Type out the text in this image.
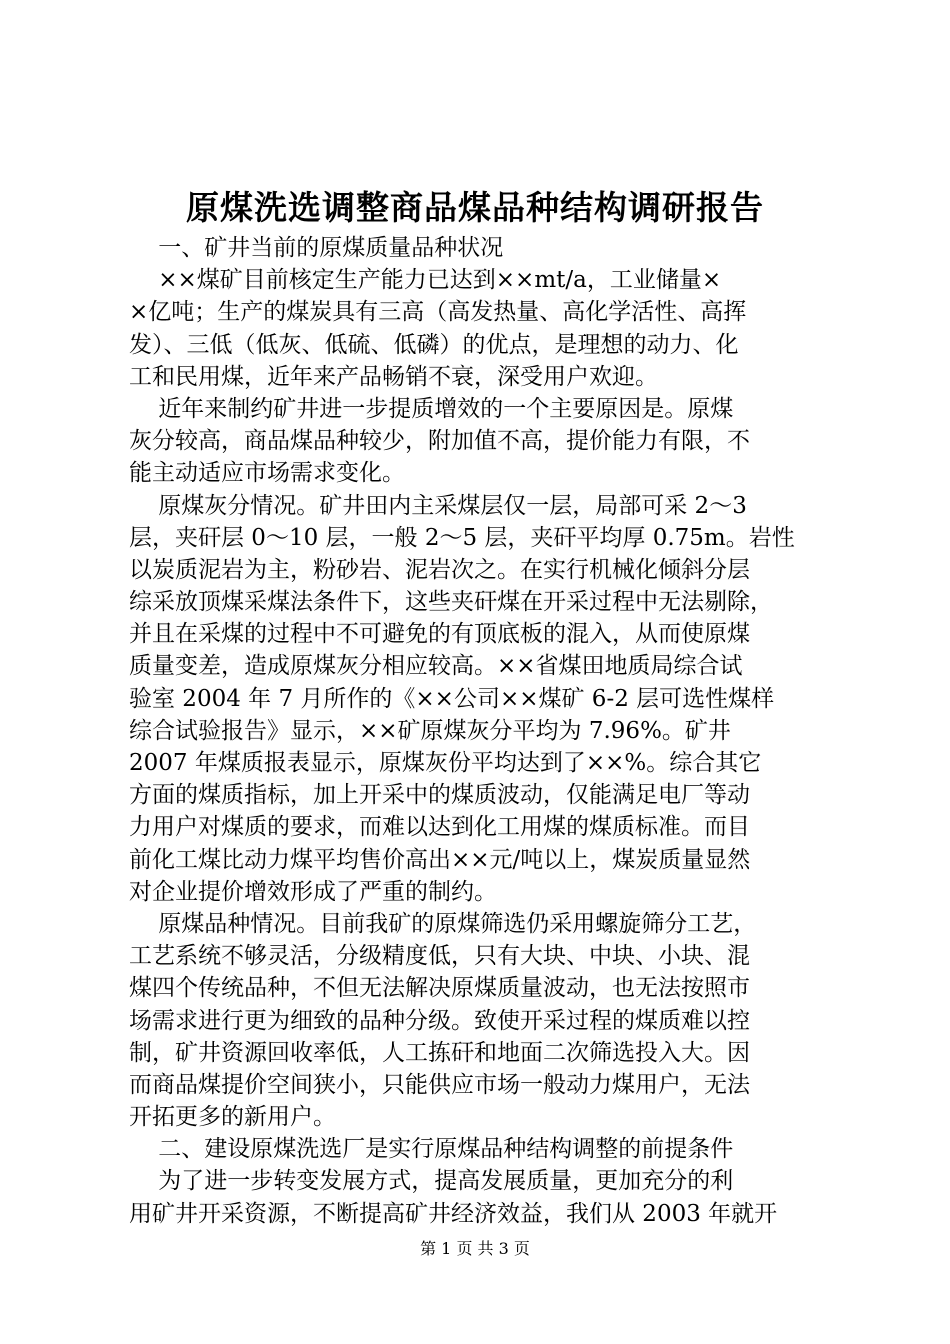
原煤洗选调整商品煤品种结构调研报告
一、矿井当前的原煤质量品种状况
××煤矿目前核定生产能力已达到××mt/a，工业储量×
×亿吨；生产的煤炭具有三高（高发热量、高化学活性、高挥
发）、三低（低灰、低硫、低磷）的优点，是理想的动力、化
工和民用煤，近年来产品畅销不衰，深受用户欢迎。
近年来制约矿井进一步提质增效的一个主要原因是。原煤
灰分较高，商品煤品种较少，附加值不高，提价能力有限，不
能主动适应市场需求变化。
原煤灰分情况。矿井田内主采煤层仅一层，局部可采 2～3
层，夹矸层 0～10 层，一般 2～5 层，夹矸平均厚 0.75m。岩性
以炭质泥岩为主，粉砂岩、泥岩次之。在实行机械化倾斜分层
综采放顶煤采煤法条件下，这些夹矸煤在开采过程中无法剔除，
并且在采煤的过程中不可避免的有顶底板的混入，从而使原煤
质量变差，造成原煤灰分相应较高。××省煤田地质局综合试
验室 2004 年 7 月所作的《××公司××煤矿 6-2 层可选性煤样
综合试验报告》显示，××矿原煤灰分平均为 7.96%。矿井
2007 年煤质报表显示，原煤灰份平均达到了××%。综合其它
方面的煤质指标，加上开采中的煤质波动，仅能满足电厂等动
力用户对煤质的要求，而难以达到化工用煤的煤质标准。而目
前化工煤比动力煤平均售价高出××元/吨以上，煤炭质量显然
对企业提价增效形成了严重的制约。
原煤品种情况。目前我矿的原煤筛选仍采用螺旋筛分工艺，
工艺系统不够灵活，分级精度低，只有大块、中块、小块、混
煤四个传统品种，不但无法解决原煤质量波动，也无法按照市
场需求进行更为细致的品种分级。致使开采过程的煤质难以控
制，矿井资源回收率低，人工拣矸和地面二次筛选投入大。因
而商品煤提价空间狭小，只能供应市场一般动力煤用户，无法
开拓更多的新用户。
二、建设原煤洗选厂是实行原煤品种结构调整的前提条件
为了进一步转变发展方式，提高发展质量，更加充分的利
用矿井开采资源，不断提高矿井经济效益，我们从 2003 年就开
第 1 页 共 3 页
